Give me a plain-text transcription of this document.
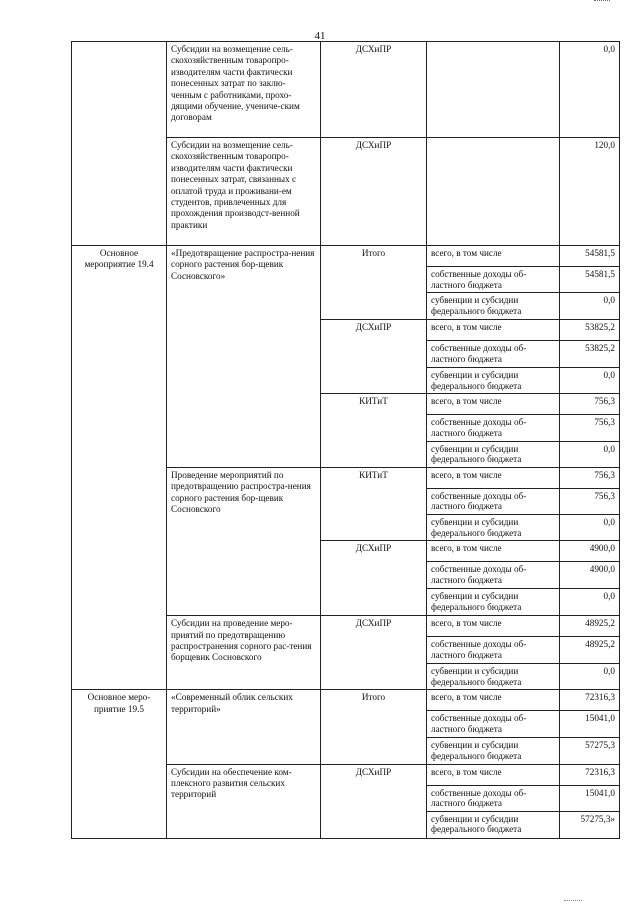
41
	Субсидии на возмещение сель-скохозяйственным товаропро-изводителям части фактически понесенных затрат по заклю-ченным с работниками, прохо-дящими обучение, учениче-ским договорам	ДСХиПР		0,0
	Субсидии на возмещение сель-скохозяйственным товаропро-изводителям части фактически понесенных затрат, связанных с оплатой труда и проживани-ем студентов, привлеченных для прохождения производст-венной практики	ДСХиПР		120,0
Основное мероприятие 19.4	«Предотвращение распростра-нения сорного растения бор-щевик Сосновского»	Итого	всего, в том числе	54581,5
			собственные доходы об-ластного бюджета	54581,5
			субвенции и субсидии федерального бюджета	0,0
		ДСХиПР	всего, в том числе	53825,2
			собственные доходы об-ластного бюджета	53825,2
			субвенции и субсидии федерального бюджета	0,0
		КИТиТ	всего, в том числе	756,3
			собственные доходы об-ластного бюджета	756,3
			субвенции и субсидии федерального бюджета	0,0
	Проведение мероприятий по предотвращению распростра-нения сорного растения бор-щевик Сосновского	КИТиТ	всего, в том числе	756,3
			собственные доходы об-ластного бюджета	756,3
			субвенции и субсидии федерального бюджета	0,0
		ДСХиПР	всего, в том числе	4900,0
			собственные доходы об-ластного бюджета	4900,0
			субвенции и субсидии федерального бюджета	0,0
	Субсидии на проведение меро-приятий по предотвращению распространения сорного рас-тения борщевик Сосновского	ДСХиПР	всего, в том числе	48925,2
			собственные доходы об-ластного бюджета	48925,2
			субвенции и субсидии федерального бюджета	0,0
Основное меро-приятие 19.5	«Современный облик сельских территорий»	Итого	всего, в том числе	72316,3
			собственные доходы об-ластного бюджета	15041,0
			субвенции и субсидии федерального бюджета	57275,3
	Субсидии на обеспечение ком-плексного развития сельских территорий	ДСХиПР	всего, в том числе	72316,3
			собственные доходы об-ластного бюджета	15041,0
			субвенции и субсидии федерального бюджета	57275,3»
